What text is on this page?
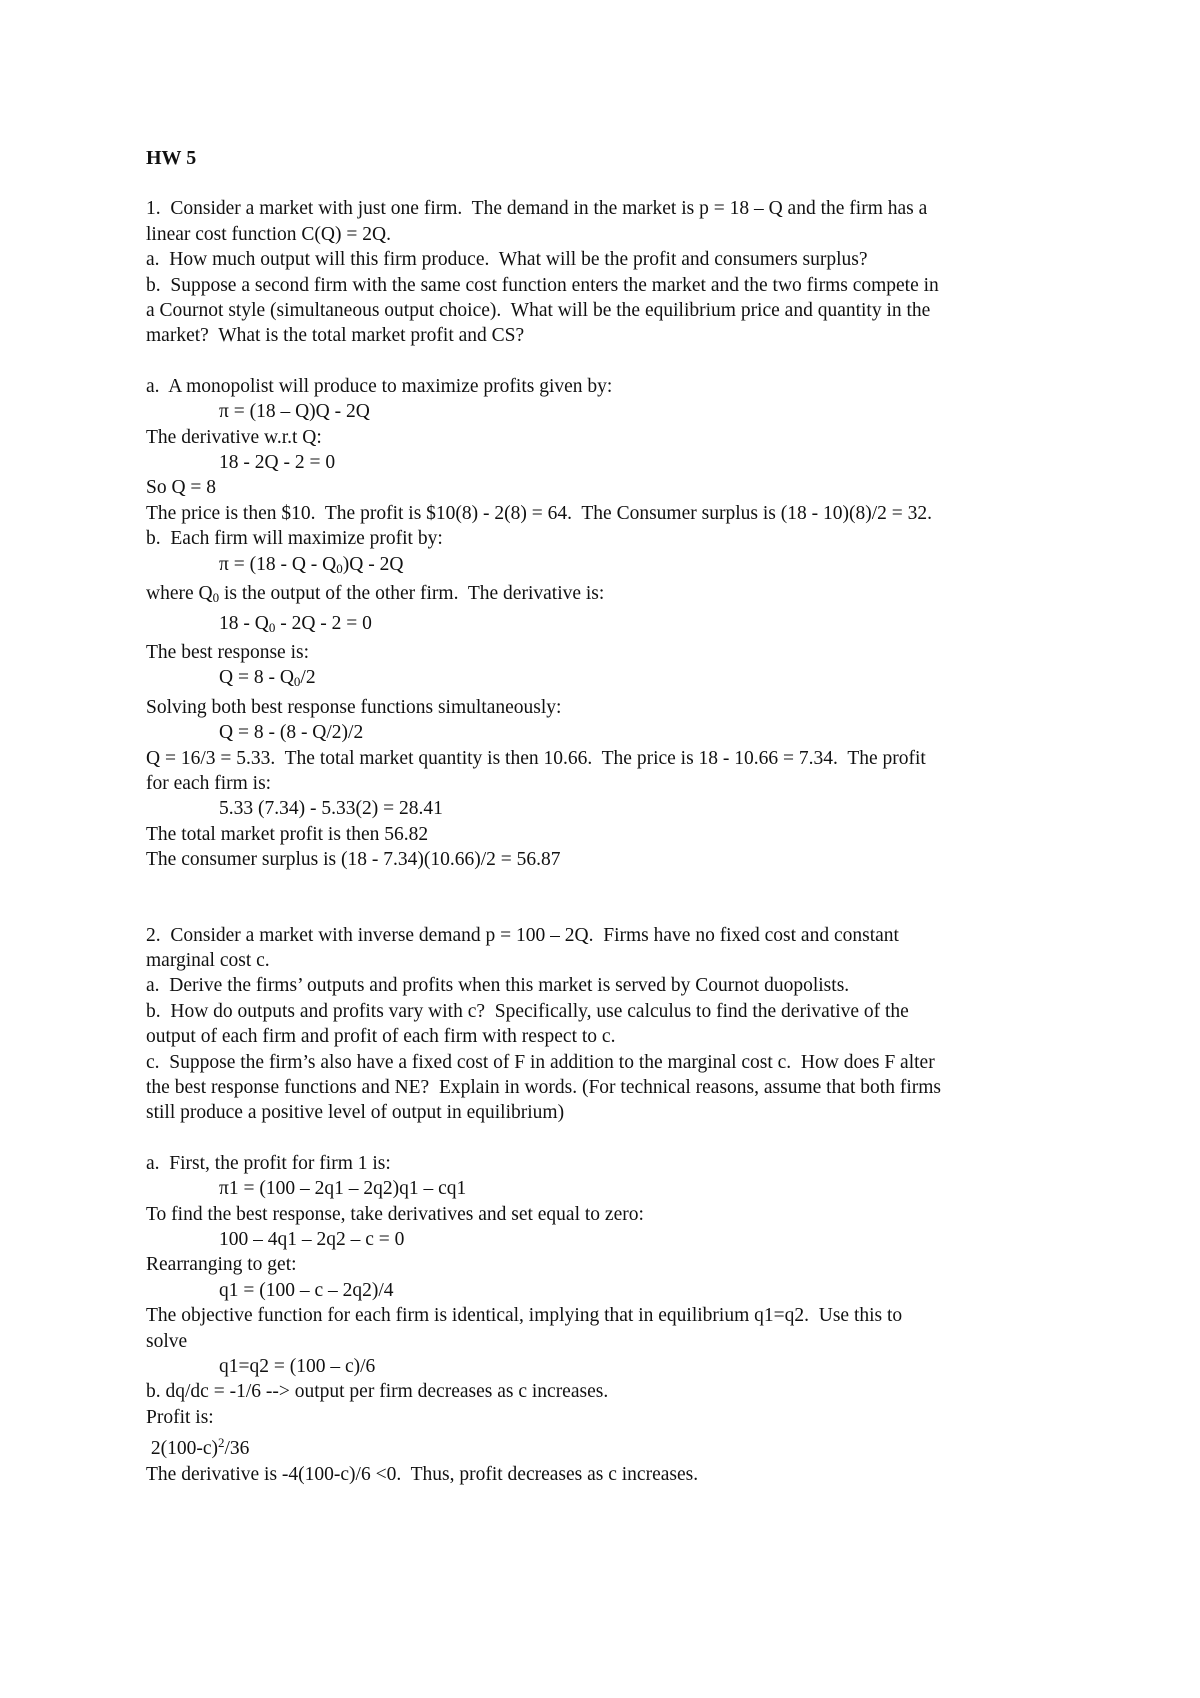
HW 5
1.  Consider a market with just one firm.  The demand in the market is p = 18 – Q and the firm has a
linear cost function C(Q) = 2Q.
a.  How much output will this firm produce.  What will be the profit and consumers surplus?
b.  Suppose a second firm with the same cost function enters the market and the two firms compete in
a Cournot style (simultaneous output choice).  What will be the equilibrium price and quantity in the
market?  What is the total market profit and CS?
a.  A monopolist will produce to maximize profits given by:
π = (18 – Q)Q - 2Q
The derivative w.r.t Q:
18 - 2Q - 2 = 0
So Q = 8
The price is then $10.  The profit is $10(8) - 2(8) = 64.  The Consumer surplus is (18 - 10)(8)/2 = 32.
b.  Each firm will maximize profit by:
$\pi = (18 - Q - Q_0)Q - 2Q$
where $Q_0$ is the output of the other firm.  The derivative is:
$18 - Q_0 - 2Q - 2 = 0$
The best response is:
$Q = 8 - Q_0/2$
Solving both best response functions simultaneously:
Q = 8 - (8 - Q/2)/2
Q = 16/3 = 5.33.  The total market quantity is then 10.66.  The price is 18 - 10.66 = 7.34.  The profit
for each firm is:
5.33 (7.34) - 5.33(2) = 28.41
The total market profit is then 56.82
The consumer surplus is (18 - 7.34)(10.66)/2 = 56.87
2.  Consider a market with inverse demand p = 100 – 2Q.  Firms have no fixed cost and constant
marginal cost c.
a.  Derive the firms’ outputs and profits when this market is served by Cournot duopolists.
b.  How do outputs and profits vary with c?  Specifically, use calculus to find the derivative of the
output of each firm and profit of each firm with respect to c.
c.  Suppose the firm’s also have a fixed cost of F in addition to the marginal cost c.  How does F alter
the best response functions and NE?  Explain in words. (For technical reasons, assume that both firms
still produce a positive level of output in equilibrium)
a.  First, the profit for firm 1 is:
π1 = (100 – 2q1 – 2q2)q1 – cq1
To find the best response, take derivatives and set equal to zero:
100 – 4q1 – 2q2 – c = 0
Rearranging to get:
q1 = (100 – c – 2q2)/4
The objective function for each firm is identical, implying that in equilibrium q1=q2.  Use this to
solve
q1=q2 = (100 – c)/6
b. dq/dc = -1/6 --> output per firm decreases as c increases.
Profit is:
$2(100-c)^2/36$
The derivative is -4(100-c)/6 <0.  Thus, profit decreases as c increases.
